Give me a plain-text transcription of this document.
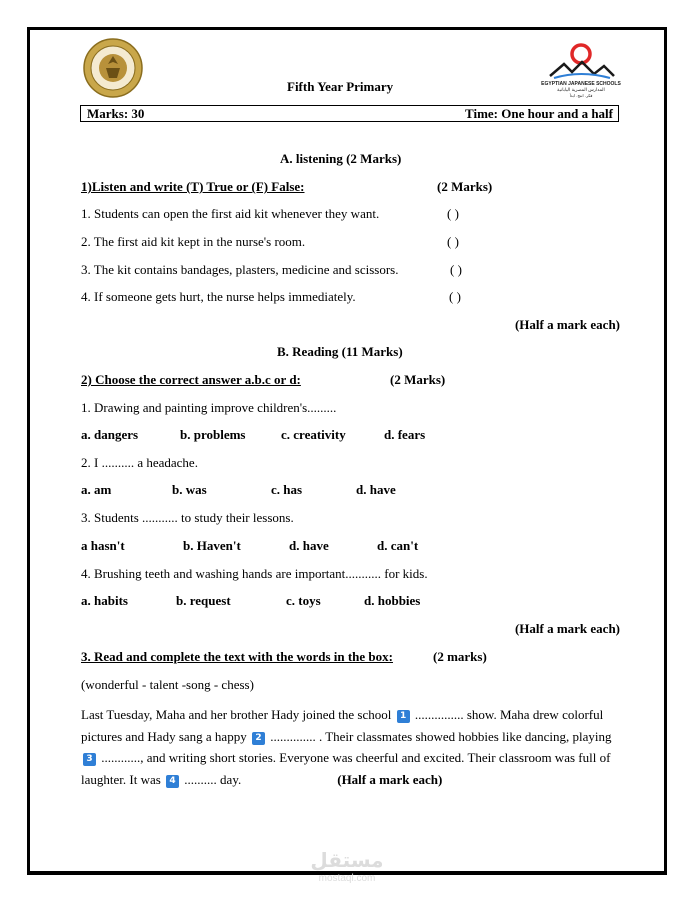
EGYPTIAN JAPANESE SCHOOLS
المدارس المصرية اليابانية
فكر. انتج. ابدأ
Fifth Year Primary
Marks: 30	Time: One hour and a half
A. listening (2 Marks)
1)Listen and write (T) True or (F) False:	(2 Marks)
1. Students can open the first aid kit whenever they want.	( )
2. The first aid kit kept in the nurse's room.	( )
3. The kit contains bandages, plasters, medicine and scissors.	( )
4. If someone gets hurt, the nurse helps immediately.	( )
(Half a mark each)
B. Reading (11 Marks)
2) Choose the correct answer a.b.c or d:	(2 Marks)
1. Drawing and painting improve children's.........
a. dangers	b. problems	c. creativity	d. fears
2. I .......... a headache.
a. am	b. was	c. has	d. have
3. Students ........... to study their lessons.
a hasn't	b. Haven't	d. have	d. can't
4. Brushing teeth and washing hands are important........... for kids.
a. habits	b. request	c. toys	d. hobbies
(Half a mark each)
3. Read and complete the text with the words in the box:	(2 marks)
(wonderful - talent -song - chess)
Last Tuesday, Maha and her brother Hady joined the school 1 ............... show. Maha drew colorful pictures and Hady sang a happy 2 .............. . Their classmates showed hobbies like dancing, playing 3 ............, and writing short stories. Everyone was cheerful and excited. Their classroom was full of laughter. It was 4 .......... day.	(Half a mark each)
مستقل
mostaql.com
